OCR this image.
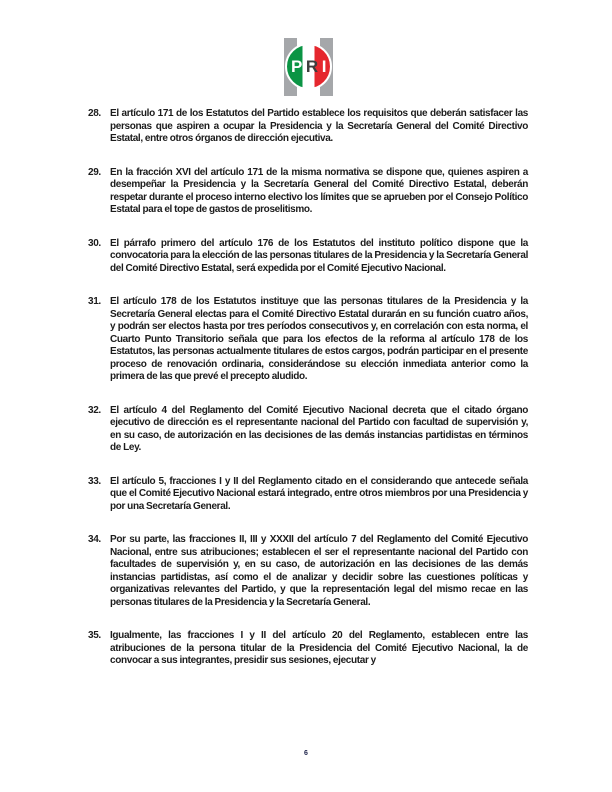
P R I
28. El artículo 171 de los Estatutos del Partido establece los requisitos que deberán satisfacer las personas que aspiren a ocupar la Presidencia y la Secretaría General del Comité Directivo Estatal, entre otros órganos de dirección ejecutiva.
29. En la fracción XVI del artículo 171 de la misma normativa se dispone que, quienes aspiren a desempeñar la Presidencia y la Secretaría General del Comité Directivo Estatal, deberán respetar durante el proceso interno electivo los límites que se aprueben por el Consejo Político Estatal para el tope de gastos de proselitismo.
30. El párrafo primero del artículo 176 de los Estatutos del instituto político dispone que la convocatoria para la elección de las personas titulares de la Presidencia y la Secretaría General del Comité Directivo Estatal, será expedida por el Comité Ejecutivo Nacional.
31. El artículo 178 de los Estatutos instituye que las personas titulares de la Presidencia y la Secretaría General electas para el Comité Directivo Estatal durarán en su función cuatro años, y podrán ser electos hasta por tres períodos consecutivos y, en correlación con esta norma, el Cuarto Punto Transitorio señala que para los efectos de la reforma al artículo 178 de los Estatutos, las personas actualmente titulares de estos cargos, podrán participar en el presente proceso de renovación ordinaria, considerándose su elección inmediata anterior como la primera de las que prevé el precepto aludido.
32. El artículo 4 del Reglamento del Comité Ejecutivo Nacional decreta que el citado órgano ejecutivo de dirección es el representante nacional del Partido con facultad de supervisión y, en su caso, de autorización en las decisiones de las demás instancias partidistas en términos de Ley.
33. El artículo 5, fracciones I y II del Reglamento citado en el considerando que antecede señala que el Comité Ejecutivo Nacional estará integrado, entre otros miembros por una Presidencia y por una Secretaría General.
34. Por su parte, las fracciones II, III y XXXII del artículo 7 del Reglamento del Comité Ejecutivo Nacional, entre sus atribuciones; establecen el ser el representante nacional del Partido con facultades de supervisión y, en su caso, de autorización en las decisiones de las demás instancias partidistas, así como el de analizar y decidir sobre las cuestiones políticas y organizativas relevantes del Partido, y que la representación legal del mismo recae en las personas titulares de la Presidencia y la Secretaría General.
35. Igualmente, las fracciones I y II del artículo 20 del Reglamento, establecen entre las atribuciones de la persona titular de la Presidencia del Comité Ejecutivo Nacional, la de convocar a sus integrantes, presidir sus sesiones, ejecutar y
6
